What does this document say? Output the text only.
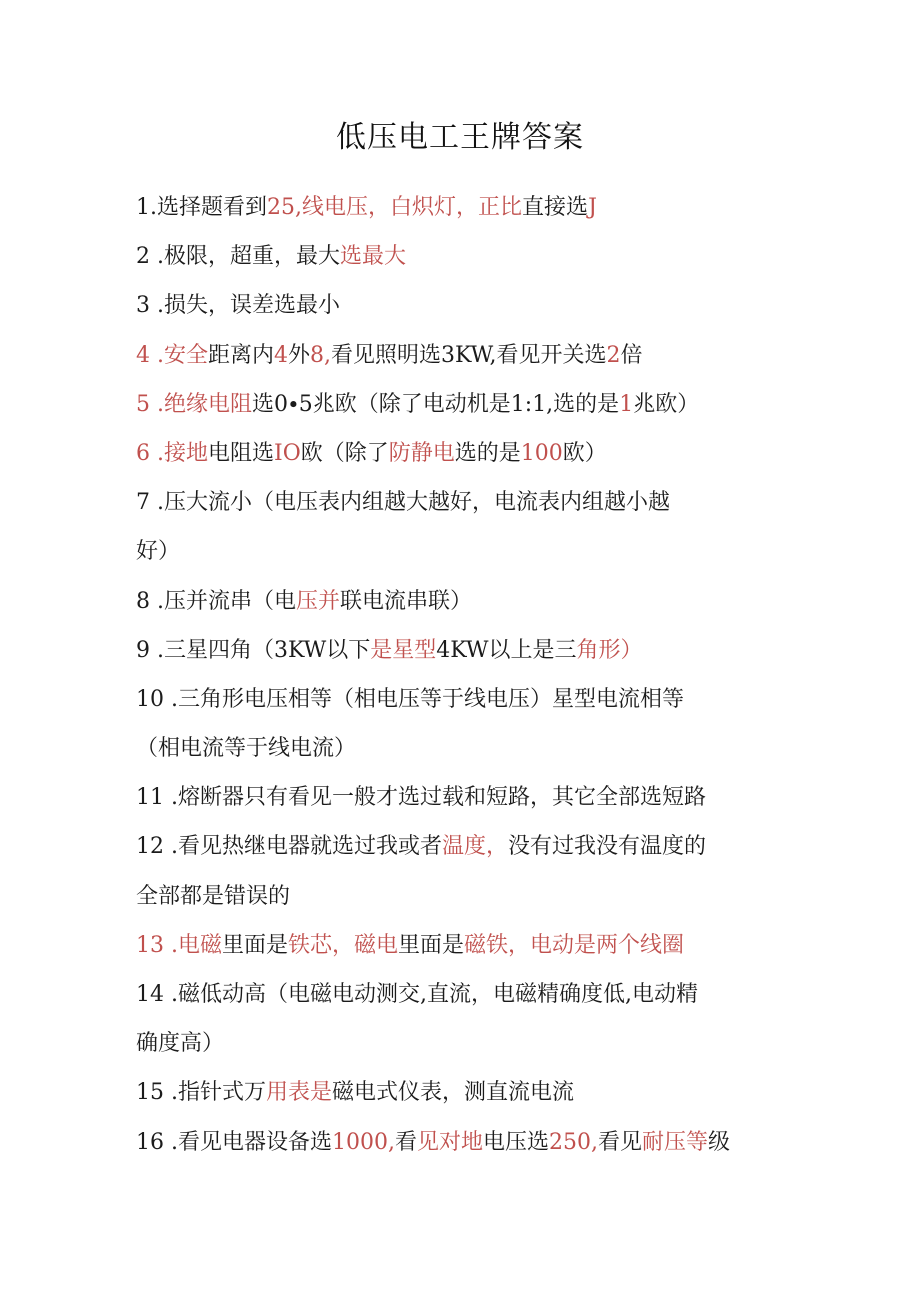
低压电工王牌答案
1.选择题看到25,线电压，白炽灯，正比直接选J
2 .极限，超重，最大选最大
3 .损失，误差选最小
4 .安全距离内4外8,看见照明选3KW,看见开关选2倍
5 .绝缘电阻选0∙5兆欧（除了电动机是1:1,选的是1兆欧）
6 .接地电阻选IO欧（除了防静电选的是100欧）
7 .压大流小（电压表内组越大越好，电流表内组越小越
好）
8 .压并流串（电压并联电流串联）
9 .三星四角（3KW以下是星型4KW以上是三角形）
10 .三角形电压相等（相电压等于线电压）星型电流相等
（相电流等于线电流）
11 .熔断器只有看见一般才选过载和短路，其它全部选短路
12 .看见热继电器就选过我或者温度，没有过我没有温度的
全部都是错误的
13 .电磁里面是铁芯，磁电里面是磁铁，电动是两个线圈
14 .磁低动高（电磁电动测交,直流，电磁精确度低,电动精
确度高）
15 .指针式万用表是磁电式仪表，测直流电流
16 .看见电器设备选1000,看见对地电压选250,看见耐压等级
